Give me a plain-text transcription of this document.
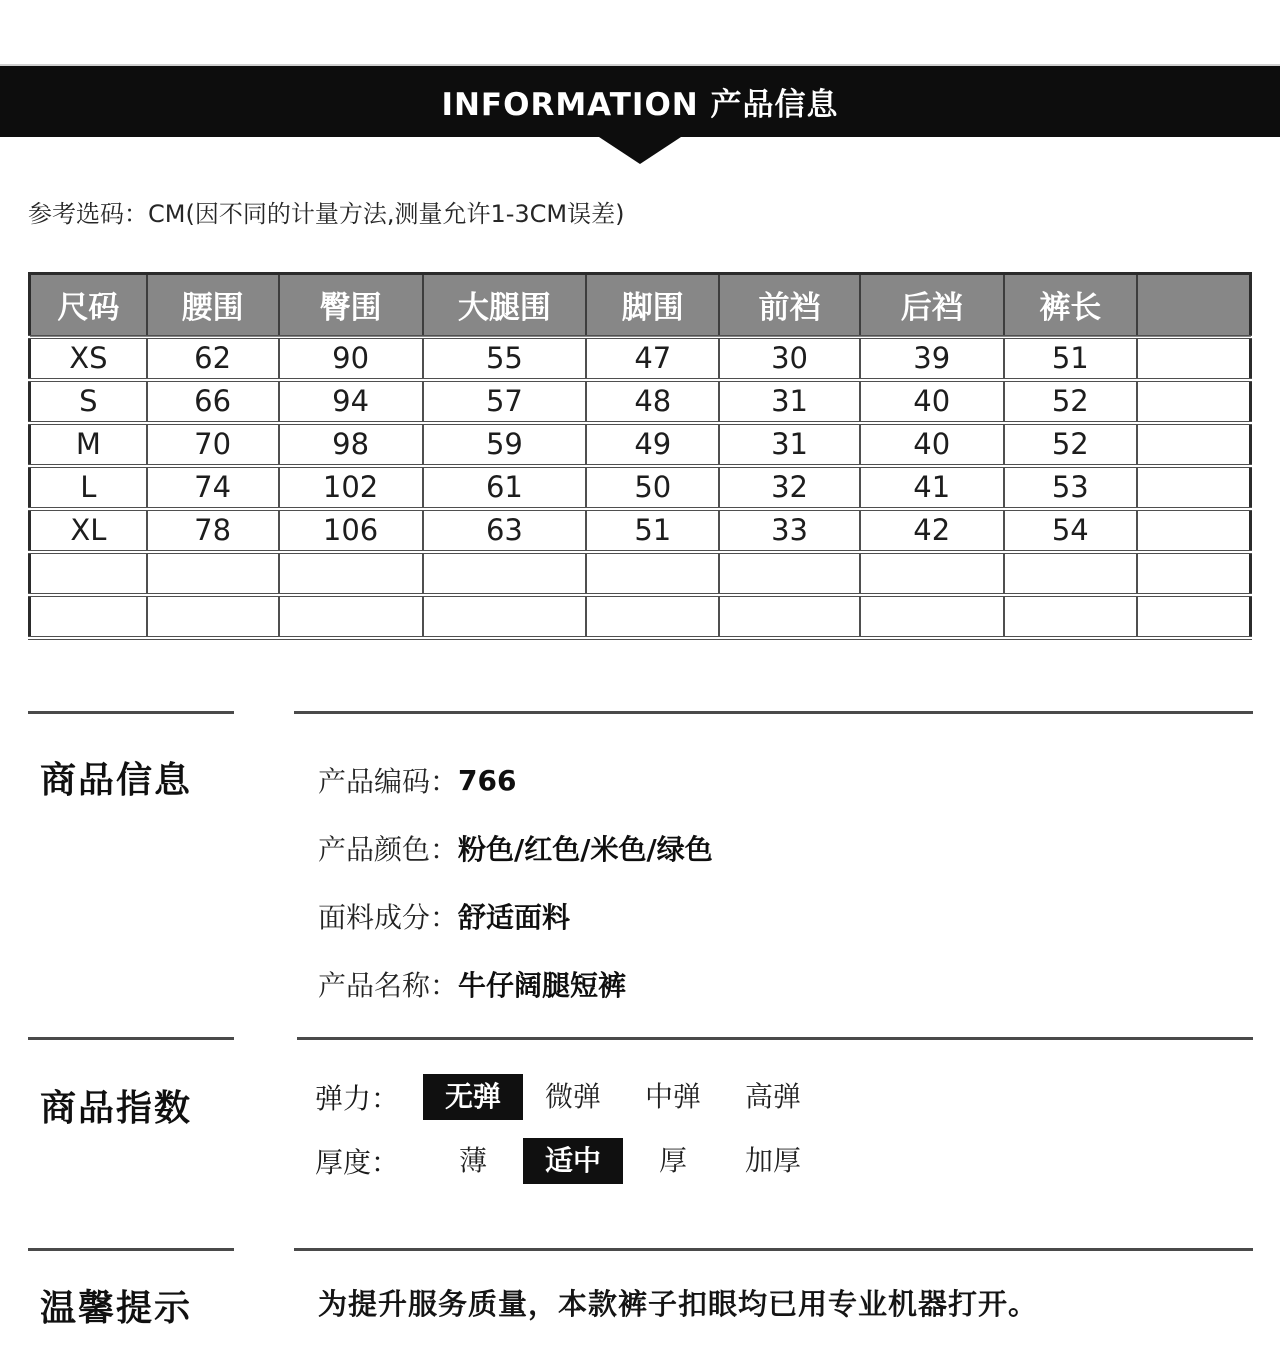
INFORMATION 产品信息
参考选码：CM(因不同的计量方法,测量允许1-3CM误差)
尺码	腰围	臀围	大腿围	脚围	前裆	后裆	裤长	
XS	62	90	55	47	30	39	51	
S	66	94	57	48	31	40	52	
M	70	98	59	49	31	40	52	
L	74	102	61	50	32	41	53	
XL	78	106	63	51	33	42	54	

商品信息	产品编码： 766
产品颜色： 粉色/红色/米色/绿色
面料成分： 舒适面料
产品名称： 牛仔阔腿短裤
商品指数	弹力：	无弹	微弹	中弹	高弹
厚度：	薄	适中	厚	加厚
温馨提示	为提升服务质量，本款裤子扣眼均已用专业机器打开。
